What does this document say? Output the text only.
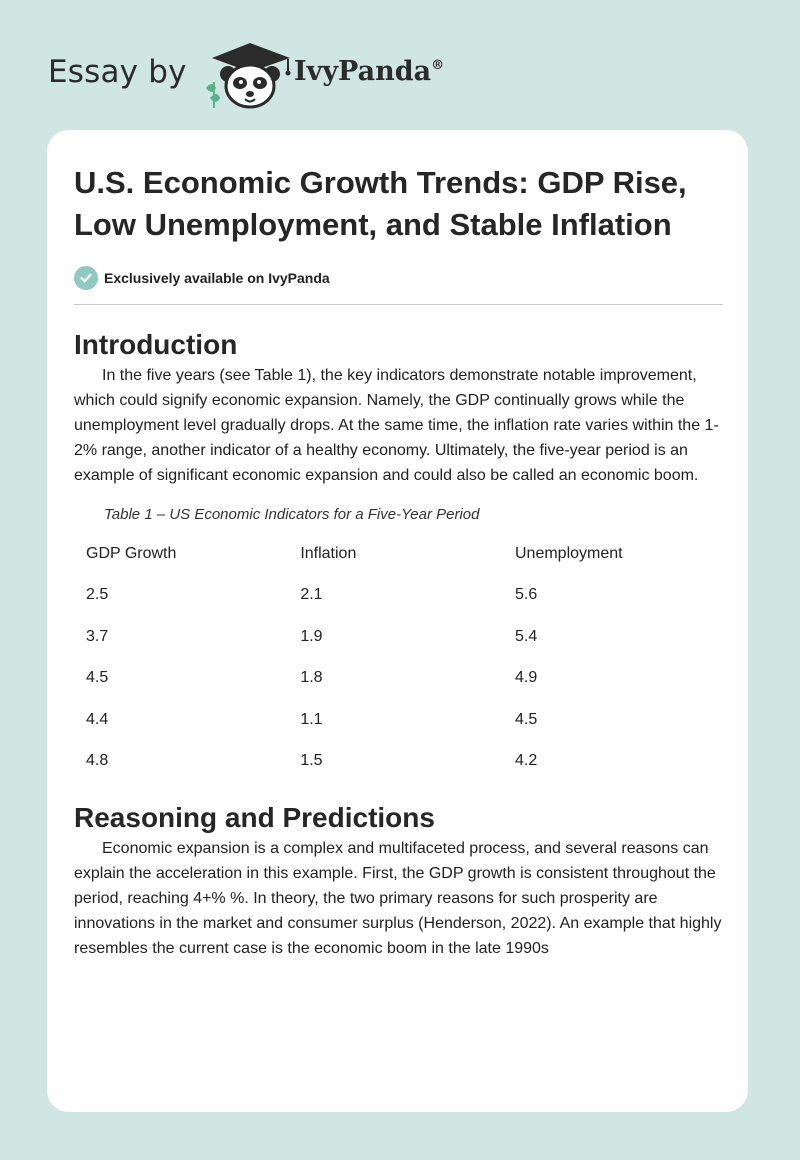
Essay by	IvyPanda®
U.S. Economic Growth Trends: GDP Rise, Low Unemployment, and Stable Inflation
Exclusively available on IvyPanda
Introduction

In the five years (see Table 1), the key indicators demonstrate notable improvement, which could signify economic expansion. Namely, the GDP continually grows while the unemployment level gradually drops. At the same time, the inflation rate varies within the 1-2% range, another indicator of a healthy economy. Ultimately, the five-year period is an example of significant economic expansion and could also be called an economic boom.

Table 1 – US Economic Indicators for a Five-Year Period
GDP Growth	Inflation	Unemployment
2.5	2.1	5.6
3.7	1.9	5.4
4.5	1.8	4.9
4.4	1.1	4.5
4.8	1.5	4.2
Reasoning and Predictions

Economic expansion is a complex and multifaceted process, and several reasons can explain the acceleration in this example. First, the GDP growth is consistent throughout the period, reaching 4+% %. In theory, the two primary reasons for such prosperity are innovations in the market and consumer surplus (Henderson, 2022). An example that highly resembles the current case is the economic boom in the late 1990s
